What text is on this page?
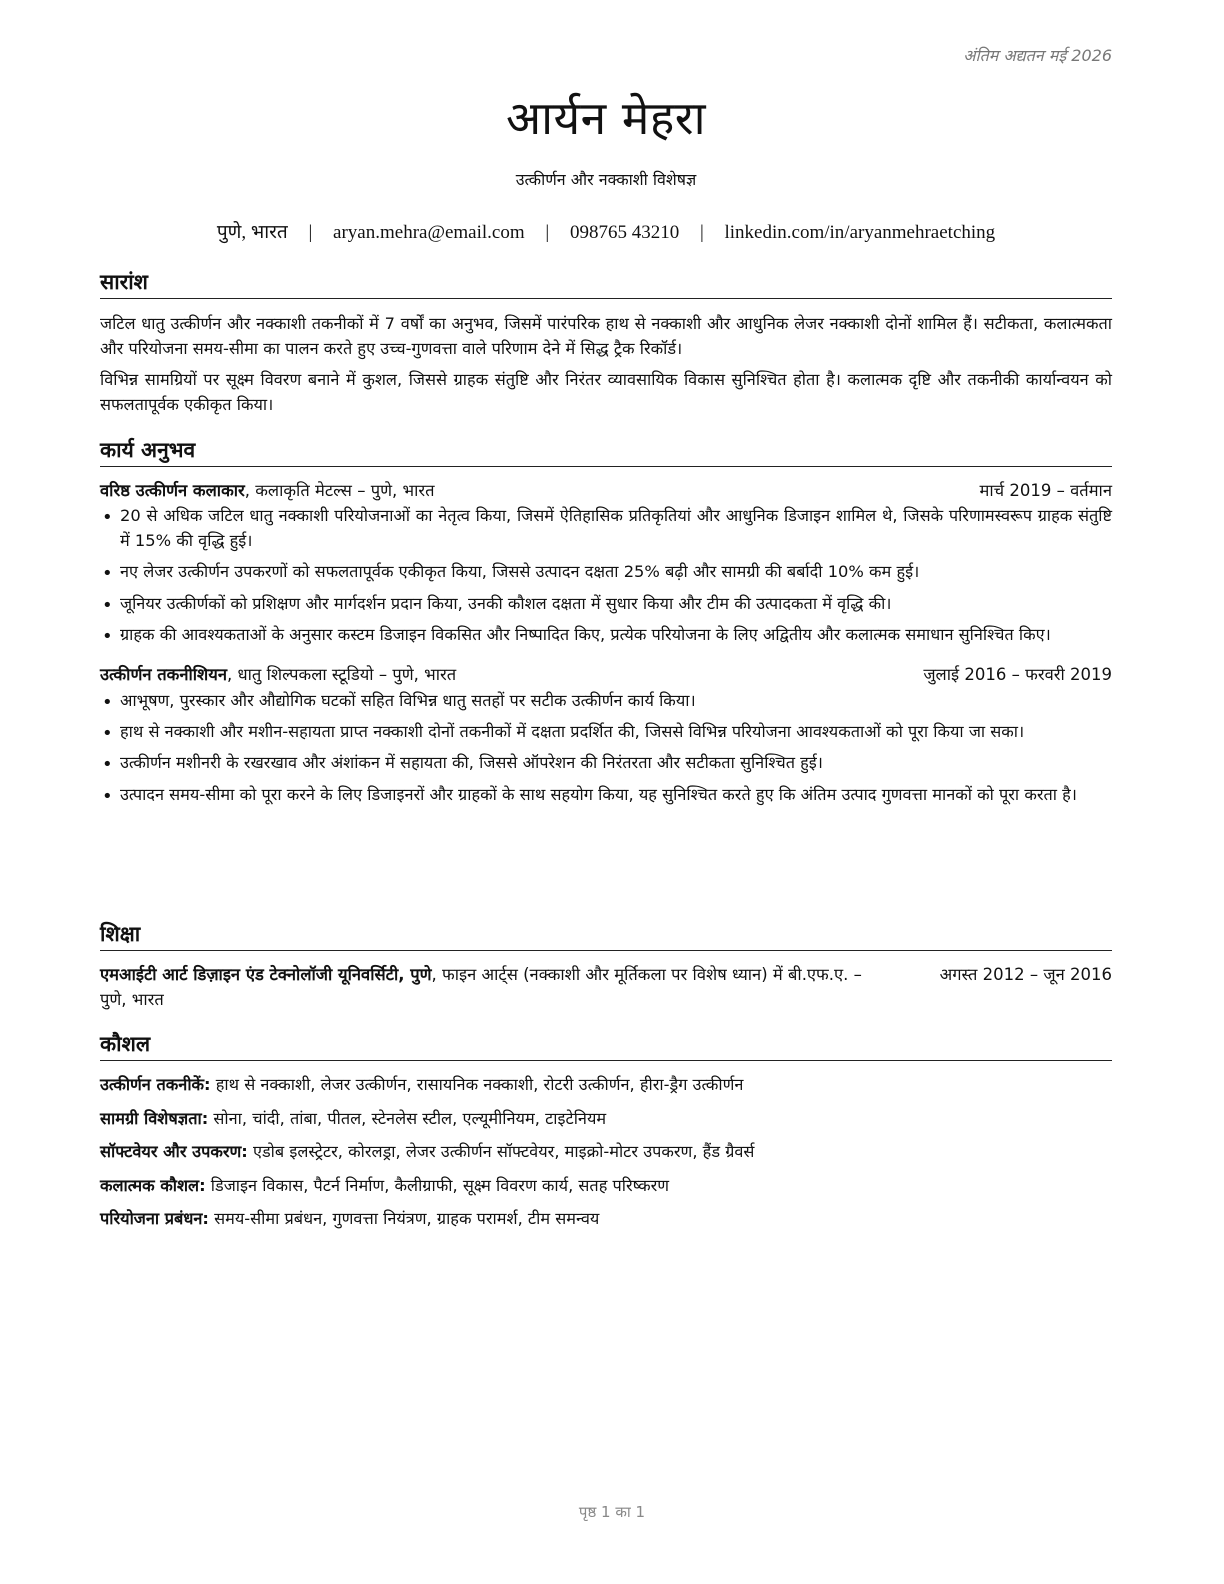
अंतिम अद्यतन मई 2026
आर्यन मेहरा
उत्कीर्णन और नक्काशी विशेषज्ञ
पुणे, भारत | aryan.mehra@email.com | 098765 43210 | linkedin.com/in/aryanmehraetching
सारांश

जटिल धातु उत्कीर्णन और नक्काशी तकनीकों में 7 वर्षों का अनुभव, जिसमें पारंपरिक हाथ से नक्काशी और आधुनिक लेजर नक्काशी दोनों शामिल हैं। सटीकता, कलात्मकता और परियोजना समय-सीमा का पालन करते हुए उच्च-गुणवत्ता वाले परिणाम देने में सिद्ध ट्रैक रिकॉर्ड।

विभिन्न सामग्रियों पर सूक्ष्म विवरण बनाने में कुशल, जिससे ग्राहक संतुष्टि और निरंतर व्यावसायिक विकास सुनिश्चित होता है। कलात्मक दृष्टि और तकनीकी कार्यान्वयन को सफलतापूर्वक एकीकृत किया।

कार्य अनुभव
वरिष्ठ उत्कीर्णन कलाकार, कलाकृति मेटल्स – पुणे, भारत	मार्च 2019 – वर्तमान
• 20 से अधिक जटिल धातु नक्काशी परियोजनाओं का नेतृत्व किया, जिसमें ऐतिहासिक प्रतिकृतियां और आधुनिक डिजाइन शामिल थे, जिसके परिणामस्वरूप ग्राहक संतुष्टि में 15% की वृद्धि हुई।
• नए लेजर उत्कीर्णन उपकरणों को सफलतापूर्वक एकीकृत किया, जिससे उत्पादन दक्षता 25% बढ़ी और सामग्री की बर्बादी 10% कम हुई।
• जूनियर उत्कीर्णकों को प्रशिक्षण और मार्गदर्शन प्रदान किया, उनकी कौशल दक्षता में सुधार किया और टीम की उत्पादकता में वृद्धि की।
• ग्राहक की आवश्यकताओं के अनुसार कस्टम डिजाइन विकसित और निष्पादित किए, प्रत्येक परियोजना के लिए अद्वितीय और कलात्मक समाधान सुनिश्चित किए।
उत्कीर्णन तकनीशियन, धातु शिल्पकला स्टूडियो – पुणे, भारत	जुलाई 2016 – फरवरी 2019
• आभूषण, पुरस्कार और औद्योगिक घटकों सहित विभिन्न धातु सतहों पर सटीक उत्कीर्णन कार्य किया।
• हाथ से नक्काशी और मशीन-सहायता प्राप्त नक्काशी दोनों तकनीकों में दक्षता प्रदर्शित की, जिससे विभिन्न परियोजना आवश्यकताओं को पूरा किया जा सका।
• उत्कीर्णन मशीनरी के रखरखाव और अंशांकन में सहायता की, जिससे ऑपरेशन की निरंतरता और सटीकता सुनिश्चित हुई।
• उत्पादन समय-सीमा को पूरा करने के लिए डिजाइनरों और ग्राहकों के साथ सहयोग किया, यह सुनिश्चित करते हुए कि अंतिम उत्पाद गुणवत्ता मानकों को पूरा करता है।
शिक्षा
एमआईटी आर्ट डिज़ाइन एंड टेक्नोलॉजी यूनिवर्सिटी, पुणे, फाइन आर्ट्स (नक्काशी और मूर्तिकला पर विशेष ध्यान) में बी.एफ.ए. – पुणे, भारत
अगस्त 2012 – जून 2016
कौशल
उत्कीर्णन तकनीकें: हाथ से नक्काशी, लेजर उत्कीर्णन, रासायनिक नक्काशी, रोटरी उत्कीर्णन, हीरा-ड्रैग उत्कीर्णन
सामग्री विशेषज्ञता: सोना, चांदी, तांबा, पीतल, स्टेनलेस स्टील, एल्यूमीनियम, टाइटेनियम
सॉफ्टवेयर और उपकरण: एडोब इलस्ट्रेटर, कोरलड्रा, लेजर उत्कीर्णन सॉफ्टवेयर, माइक्रो-मोटर उपकरण, हैंड ग्रैवर्स
कलात्मक कौशल: डिजाइन विकास, पैटर्न निर्माण, कैलीग्राफी, सूक्ष्म विवरण कार्य, सतह परिष्करण
परियोजना प्रबंधन: समय-सीमा प्रबंधन, गुणवत्ता नियंत्रण, ग्राहक परामर्श, टीम समन्वय
पृष्ठ 1 का 1
